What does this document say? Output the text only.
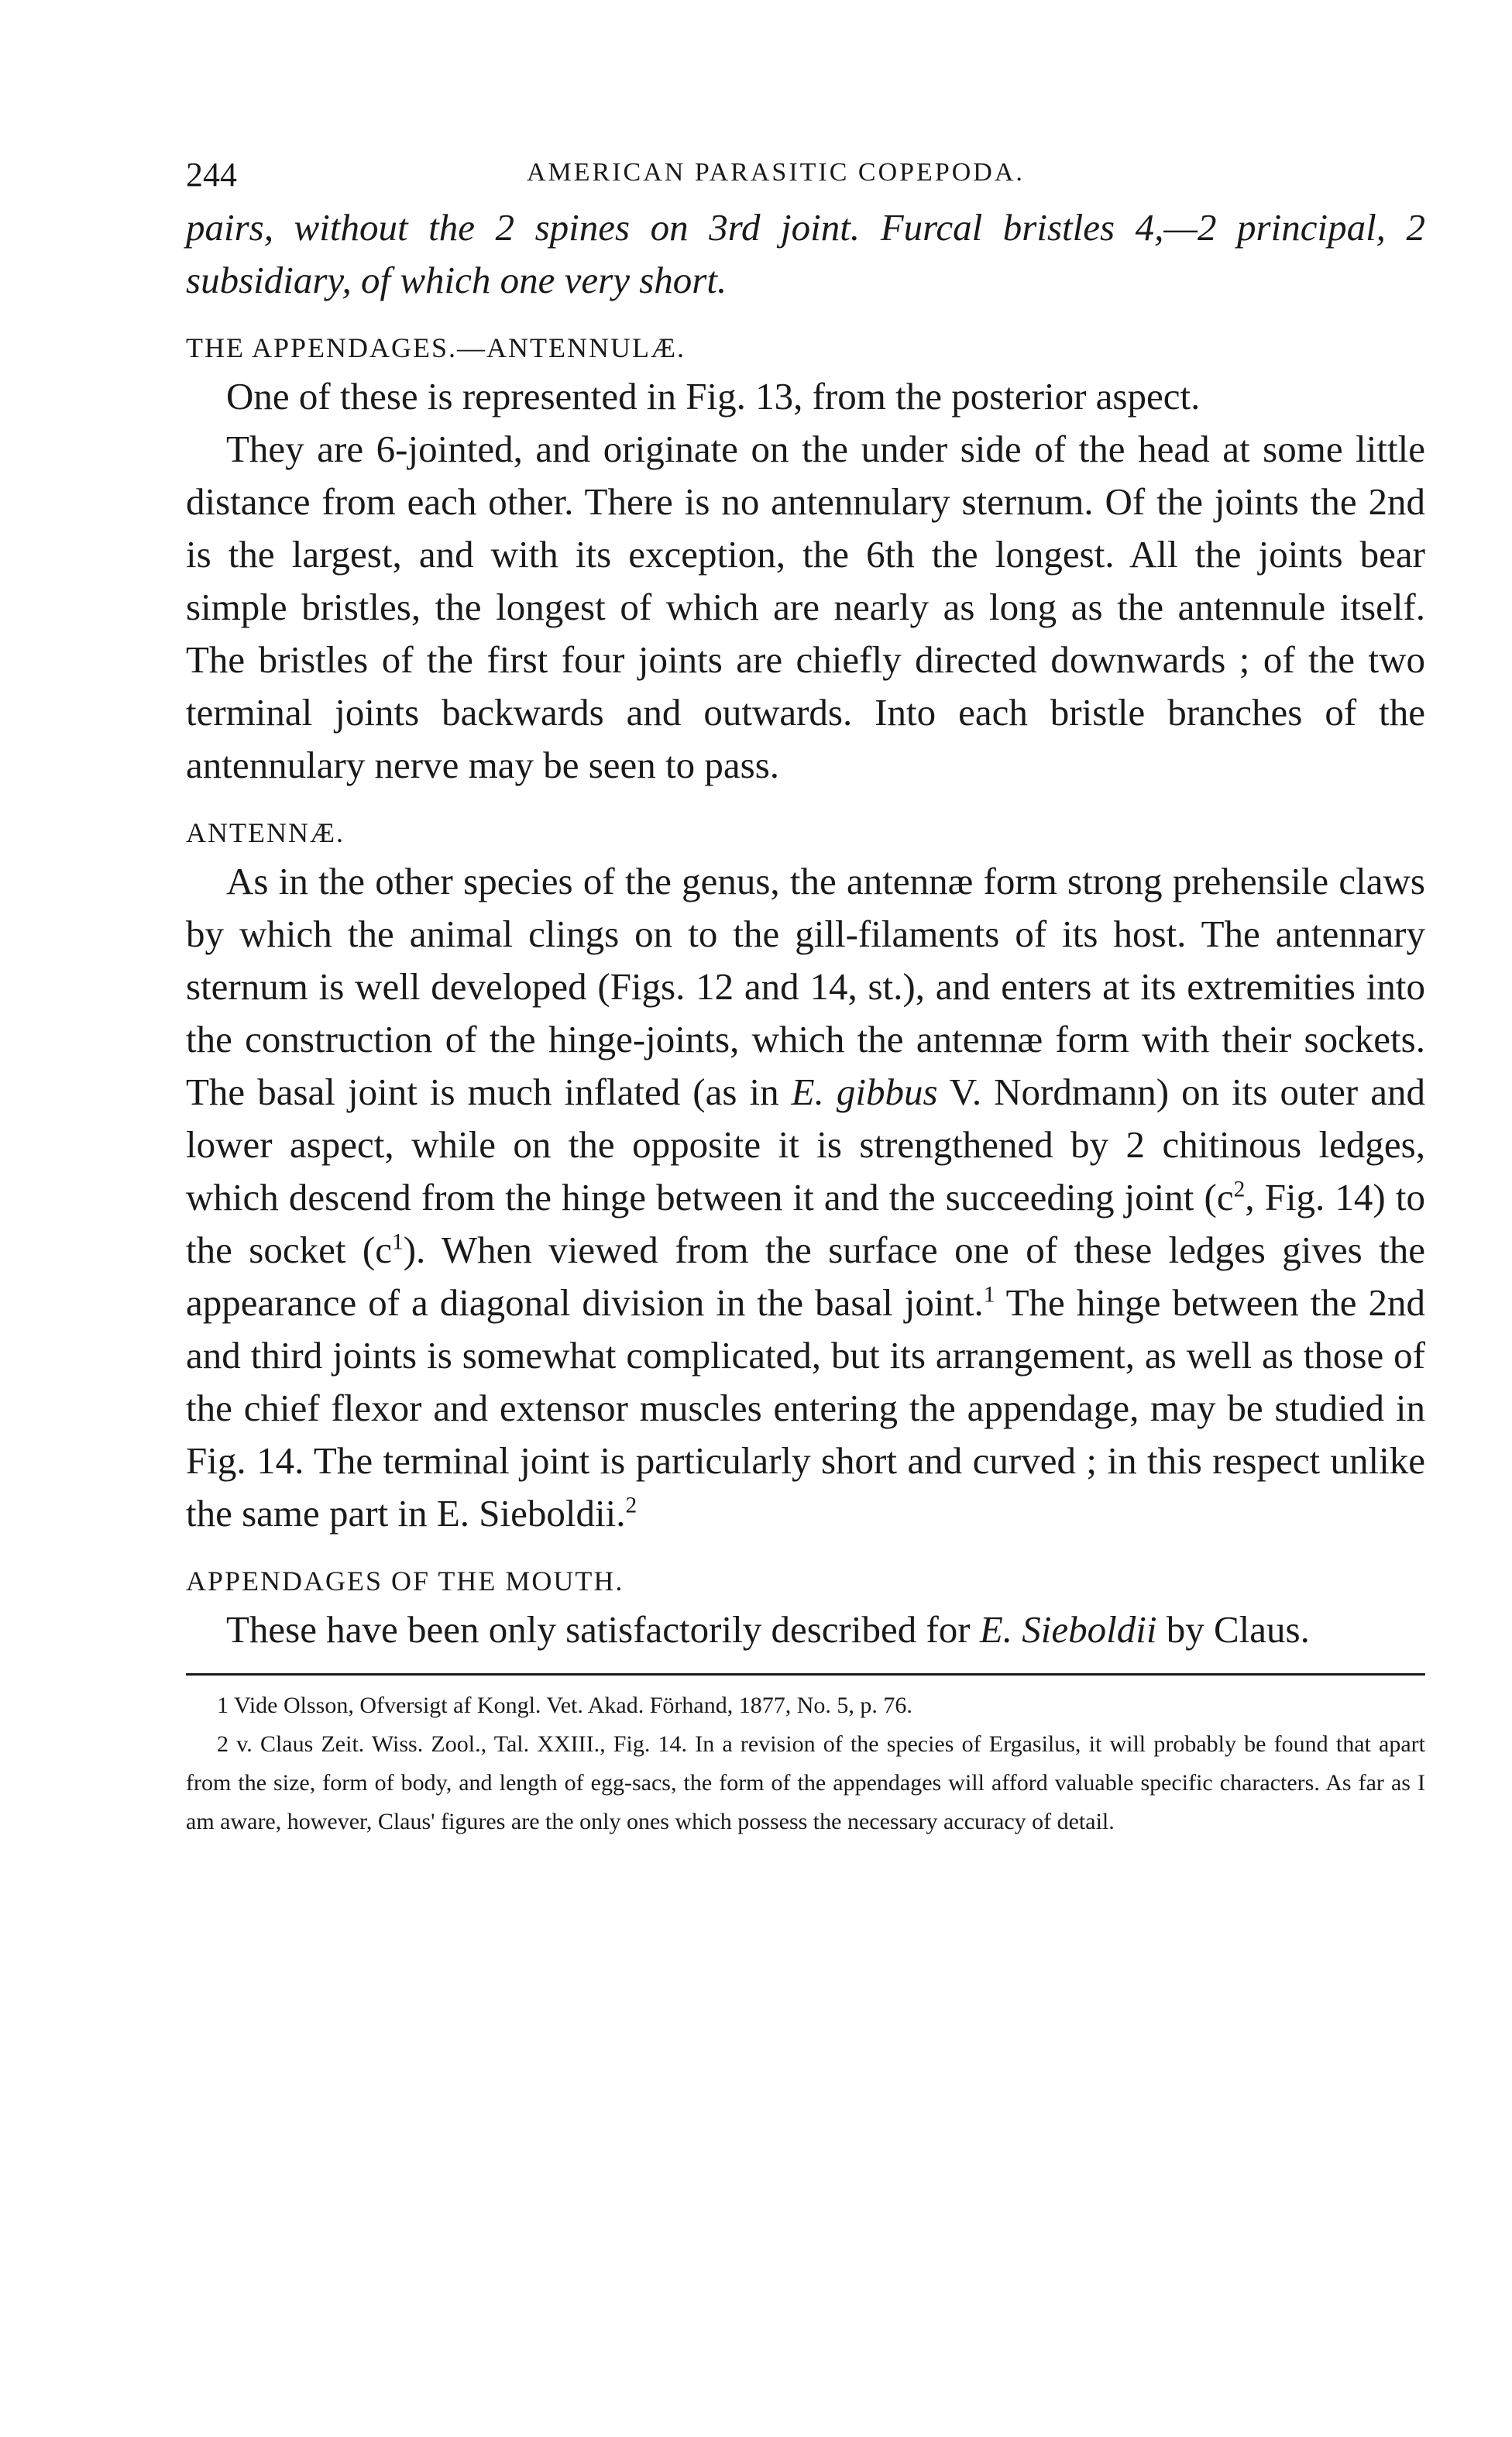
244	AMERICAN PARASITIC COPEPODA.

pairs, without the 2 spines on 3rd joint. Furcal bristles 4,—2 principal, 2 subsidiary, of which one very short.

THE APPENDAGES.—ANTENNULÆ.

One of these is represented in Fig. 13, from the posterior aspect.

They are 6-jointed, and originate on the under side of the head at some little distance from each other. There is no antennulary sternum. Of the joints the 2nd is the largest, and with its exception, the 6th the longest. All the joints bear simple bristles, the longest of which are nearly as long as the antennule itself. The bristles of the first four joints are chiefly directed downwards ; of the two terminal joints backwards and outwards. Into each bristle branches of the antennulary nerve may be seen to pass.

ANTENNÆ.

As in the other species of the genus, the antennæ form strong prehensile claws by which the animal clings on to the gill-filaments of its host. The antennary sternum is well developed (Figs. 12 and 14, st.), and enters at its extremities into the construction of the hinge-joints, which the antennæ form with their sockets. The basal joint is much inflated (as in E. gibbus V. Nordmann) on its outer and lower aspect, while on the opposite it is strengthened by 2 chitinous ledges, which descend from the hinge between it and the succeeding joint ($c^2$, Fig. 14) to the socket $(c^1)$. When viewed from the surface one of these ledges gives the appearance of a diagonal division in the basal joint.$^1$ The hinge between the 2nd and third joints is somewhat complicated, but its arrangement, as well as those of the chief flexor and extensor muscles entering the appendage, may be studied in Fig. 14. The terminal joint is particularly short and curved ; in this respect unlike the same part in E. Sieboldii.$^2$

APPENDAGES OF THE MOUTH.

These have been only satisfactorily described for E. Sieboldii by Claus.

1 Vide Olsson, Ofversigt af Kongl. Vet. Akad. Förhand, 1877, No. 5, p. 76.

2 v. Claus Zeit. Wiss. Zool., Tal. XXIII., Fig. 14. In a revision of the species of Ergasilus, it will probably be found that apart from the size, form of body, and length of egg-sacs, the form of the appendages will afford valuable specific characters. As far as I am aware, however, Claus' figures are the only ones which possess the necessary accuracy of detail.
